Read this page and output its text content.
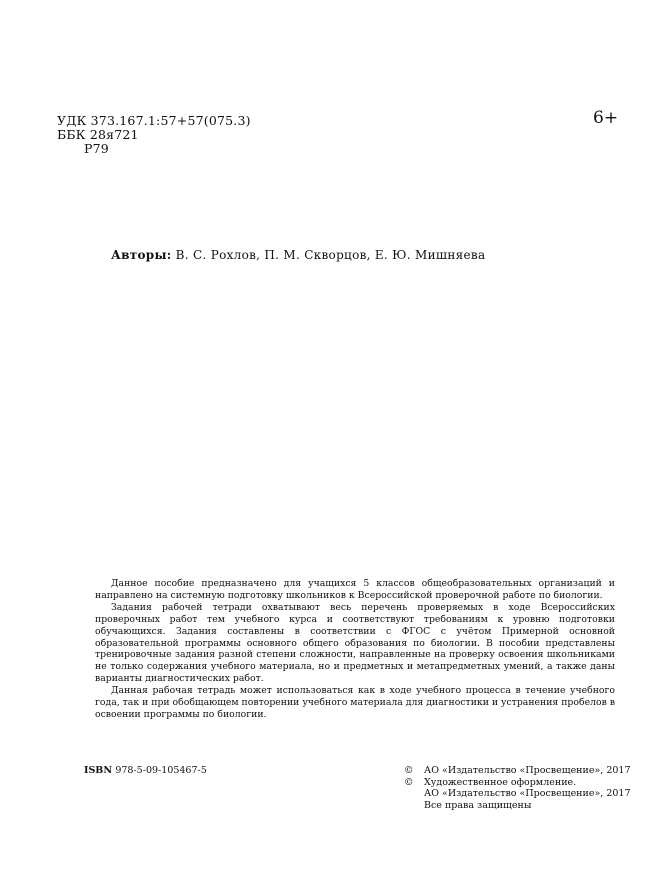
УДК 373.167.1:57+57(075.3)
ББК 28я721
Р79
6+
Авторы: В. С. Рохлов, П. М. Скворцов, Е. Ю. Мишняева

Данное пособие предназначено для учащихся 5 классов общеобразовательных организаций и направлено на системную подготовку школьников к Всероссийской проверочной работе по биологии.

Задания рабочей тетради охватывают весь перечень проверяемых в ходе Всероссийских проверочных работ тем учебного курса и соответствуют требованиям к уровню подготовки обучающихся. Задания составлены в соответствии с ФГОС с учётом Примерной основной образовательной программы основного общего образования по биологии. В пособии представлены тренировочные задания разной степени сложности, направленные на проверку освоения школьниками не только содержания учебного материала, но и предметных и метапредметных умений, а также даны варианты диагностических работ.

Данная рабочая тетрадь может использоваться как в ходе учебного процесса в течение учебного года, так и при обобщающем повторении учебного материала для диагностики и устранения пробелов в освоении программы по биологии.

ISBN 978-5-09-105467-5	©	АО «Издательство «Просвещение», 2017
©	Художественное оформление.
АО «Издательство «Просвещение», 2017
Все права защищены
